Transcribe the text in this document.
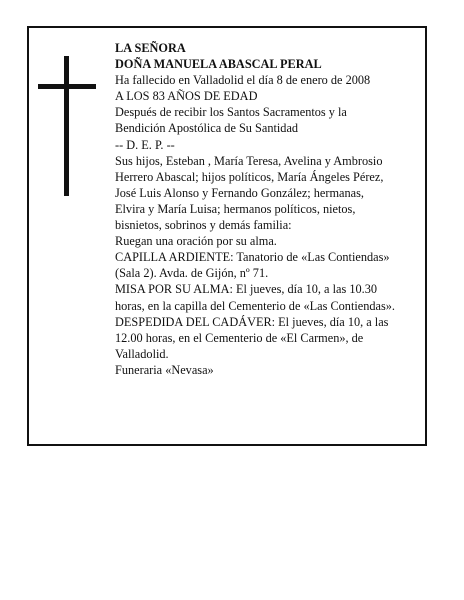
LA SEÑORA

DOÑA MANUELA ABASCAL PERAL

Ha fallecido en Valladolid el día 8 de enero de 2008

A LOS 83 AÑOS DE EDAD

Después de recibir los Santos Sacramentos y la
Bendición Apostólica de Su Santidad

-- D. E. P. --

Sus hijos, Esteban , María Teresa, Avelina y Ambrosio
Herrero Abascal; hijos políticos, María Ángeles Pérez,
José Luis Alonso y Fernando González; hermanas,
Elvira y María Luisa; hermanos políticos, nietos,
bisnietos, sobrinos y demás familia:

Ruegan una oración por su alma.

CAPILLA ARDIENTE: Tanatorio de «Las Contiendas»
(Sala 2). Avda. de Gijón, nº 71.

MISA POR SU ALMA: El jueves, día 10, a las 10.30
horas, en la capilla del Cementerio de «Las Contiendas».

DESPEDIDA DEL CADÁVER: El jueves, día 10, a las
12.00 horas, en el Cementerio de «El Carmen», de
Valladolid.

Funeraria «Nevasa»
